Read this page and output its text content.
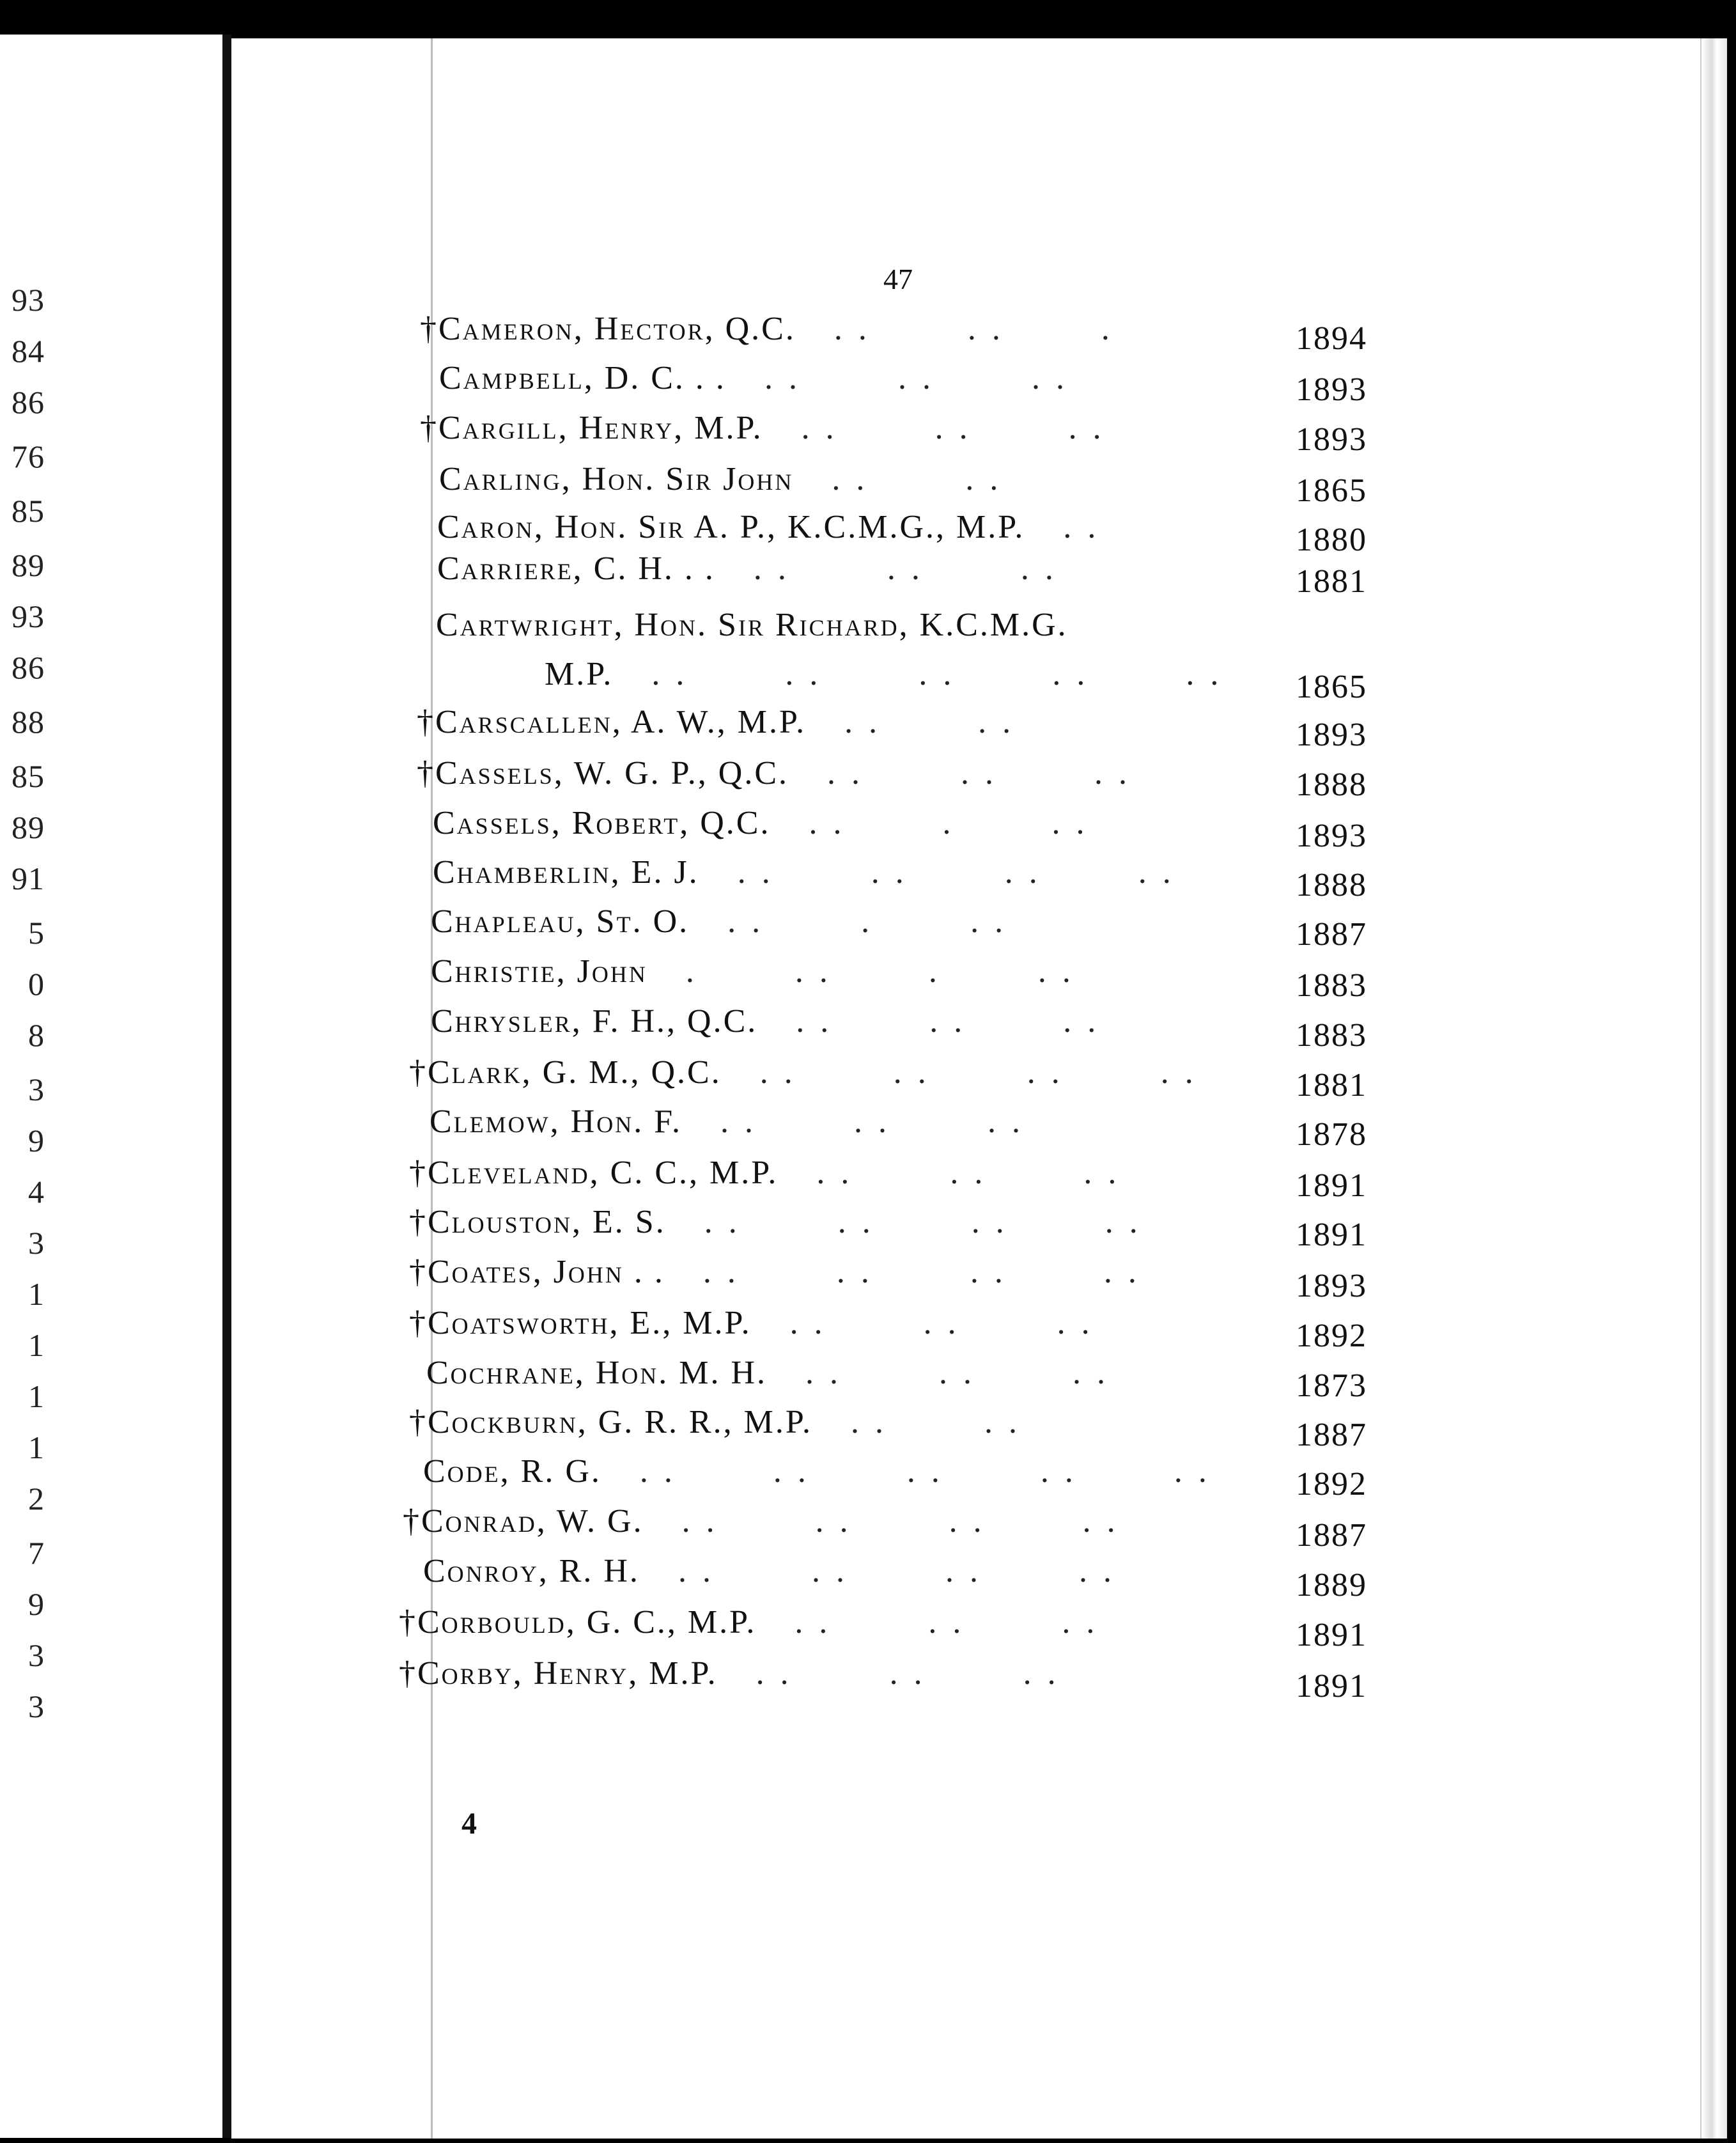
93
84
86
76
85
89
93
86
88
85
89
91
5
0
8
3
9
4
3
1
1
1
1
2
7
9
3
3
47
†Cameron, Hector, Q.C. . .        . .        .	1894
Campbell, D. C. . . . .        . .        . .	1893
†Cargill, Henry, M.P. . .        . .        . .	1893
Carling, Hon. Sir John . .        . .	1865
Caron, Hon. Sir A. P., K.C.M.G., M.P. . .	1880
Carriere, C. H. . . . .        . .        . .	1881
Cartwright, Hon. Sir Richard, K.C.M.G.
M.P. . .        . .        . .        . .        . . 1865
†Carscallen, A. W., M.P. . .        . .	1893
†Cassels, W. G. P., Q.C. . .        . .        . .	1888
Cassels, Robert, Q.C. . .        .        . .	1893
Chamberlin, E. J. . .        . .        . .        . .	1888
Chapleau, St. O. . .        .        . .	1887
Christie, John .        . .        .        . .	1883
Chrysler, F. H., Q.C. . .        . .        . .	1883
†Clark, G. M., Q.C. . .        . .        . .        . .	1881
Clemow, Hon. F. . .        . .        . .	1878
†Cleveland, C. C., M.P. . .        . .        . .	1891
†Clouston, E. S. . .        . .        . .        . .	1891
†Coates, John . . . .        . .        . .        . .	1893
†Coatsworth, E., M.P. . .        . .        . .	1892
Cochrane, Hon. M. H. . .        . .        . .	1873
†Cockburn, G. R. R., M.P. . .        . .	1887
Code, R. G. . .        . .        . .        . .        . .	1892
†Conrad, W. G. . .        . .        . .        . .	1887
Conroy, R. H. . .        . .        . .        . .	1889
†Corbould, G. C., M.P. . .        . .        . .	1891
†Corby, Henry, M.P. . .        . .        . .	1891
4
